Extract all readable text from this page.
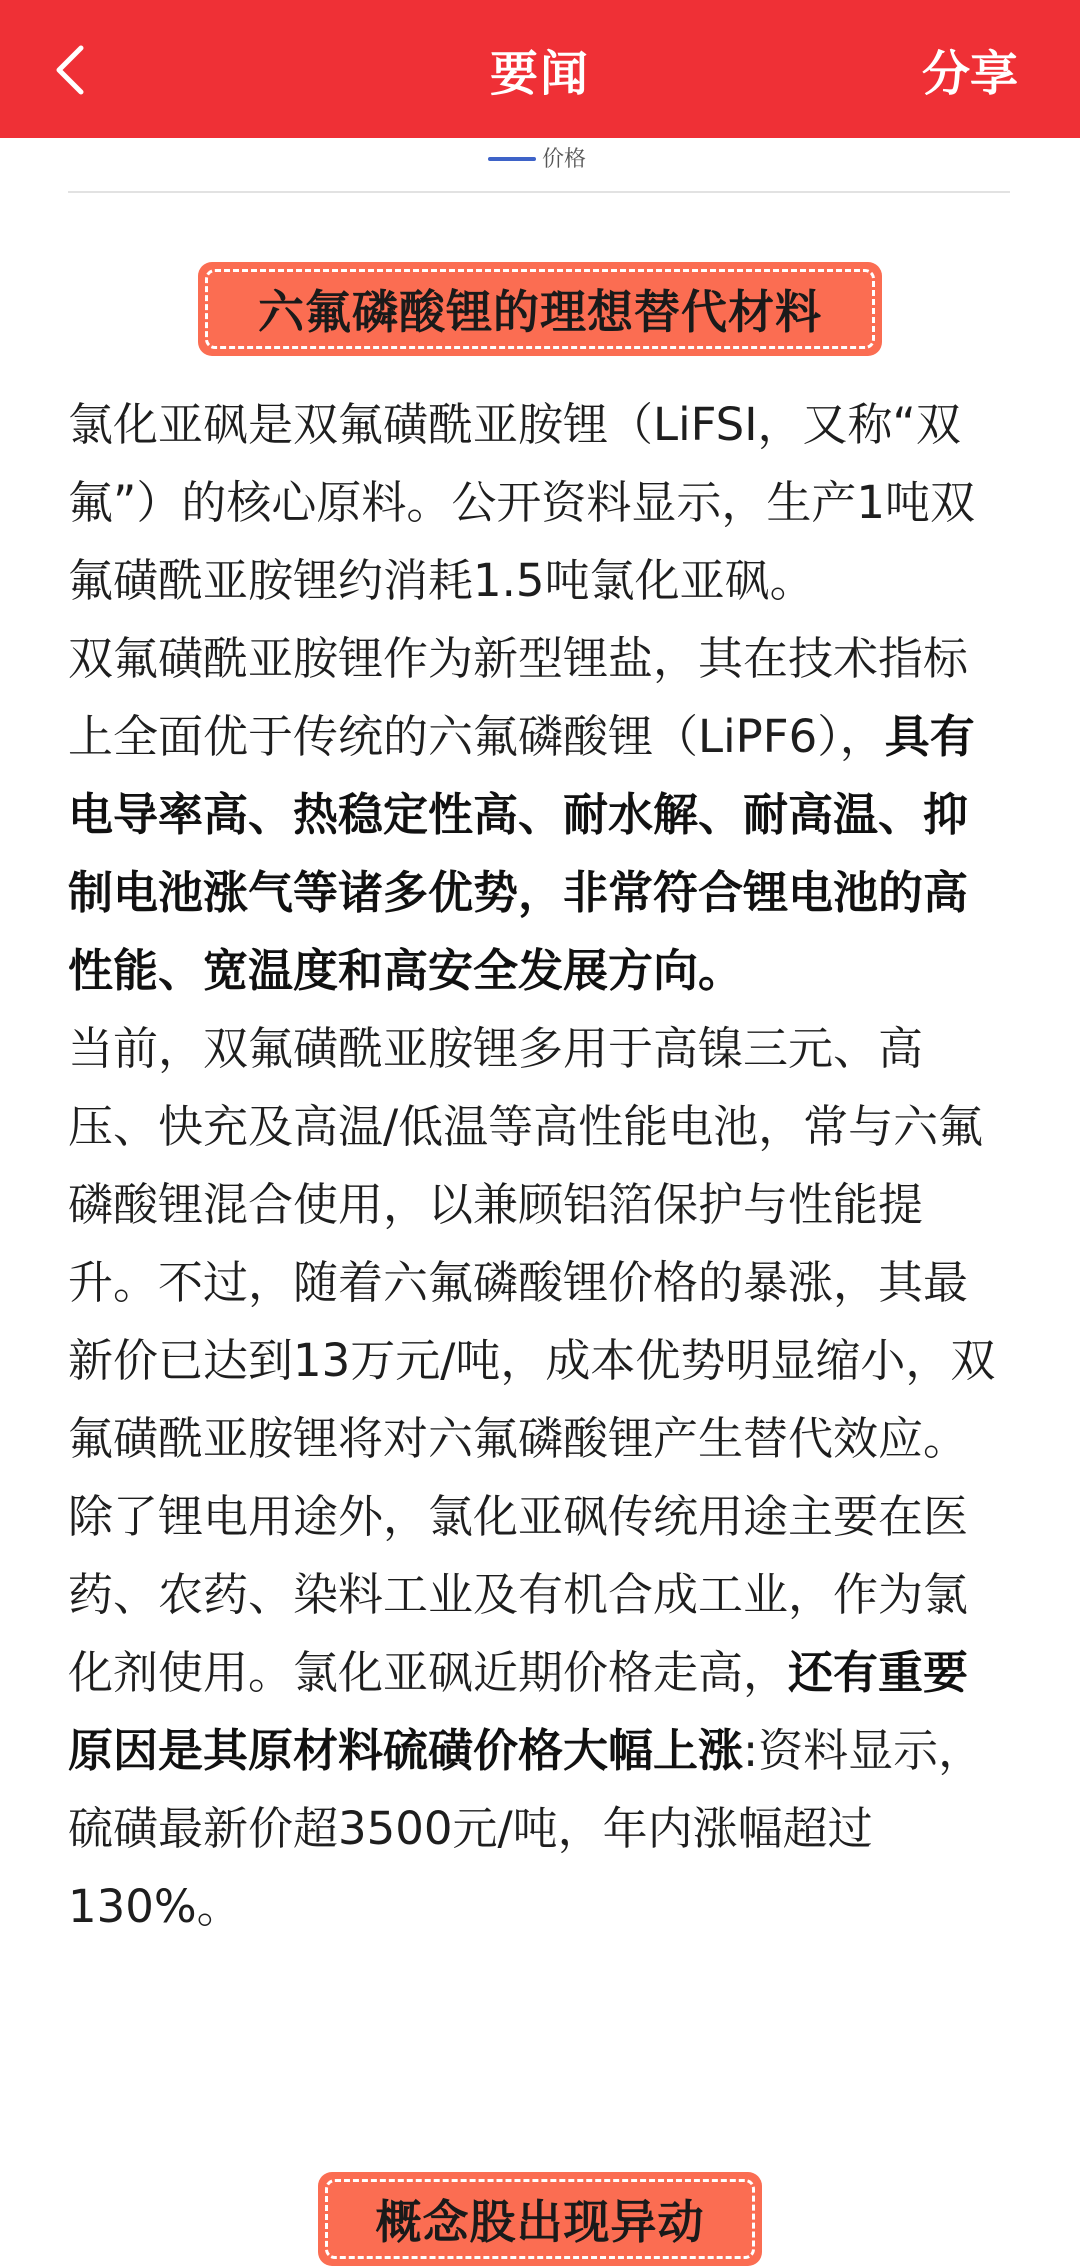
要闻	分享
价格
六氟磷酸锂的理想替代材料

氯化亚砜是双氟磺酰亚胺锂（LiFSI，又称“双氟”）的核心原料。公开资料显示，生产1吨双氟磺酰亚胺锂约消耗1.5吨氯化亚砜。

双氟磺酰亚胺锂作为新型锂盐，其在技术指标上全面优于传统的六氟磷酸锂（LiPF6），具有电导率高、热稳定性高、耐水解、耐高温、抑制电池涨气等诸多优势，非常符合锂电池的高性能、宽温度和高安全发展方向。

当前，双氟磺酰亚胺锂多用于高镍三元、高压、快充及高温/低温等高性能电池，常与六氟磷酸锂混合使用，以兼顾铝箔保护与性能提升。不过，随着六氟磷酸锂价格的暴涨，其最新价已达到13万元/吨，成本优势明显缩小，双氟磺酰亚胺锂将对六氟磷酸锂产生替代效应。

除了锂电用途外，氯化亚砜传统用途主要在医药、农药、染料工业及有机合成工业，作为氯化剂使用。氯化亚砜近期价格走高，还有重要原因是其原材料硫磺价格大幅上涨:资料显示，硫磺最新价超3500元/吨，年内涨幅超过130%。

概念股出现异动
